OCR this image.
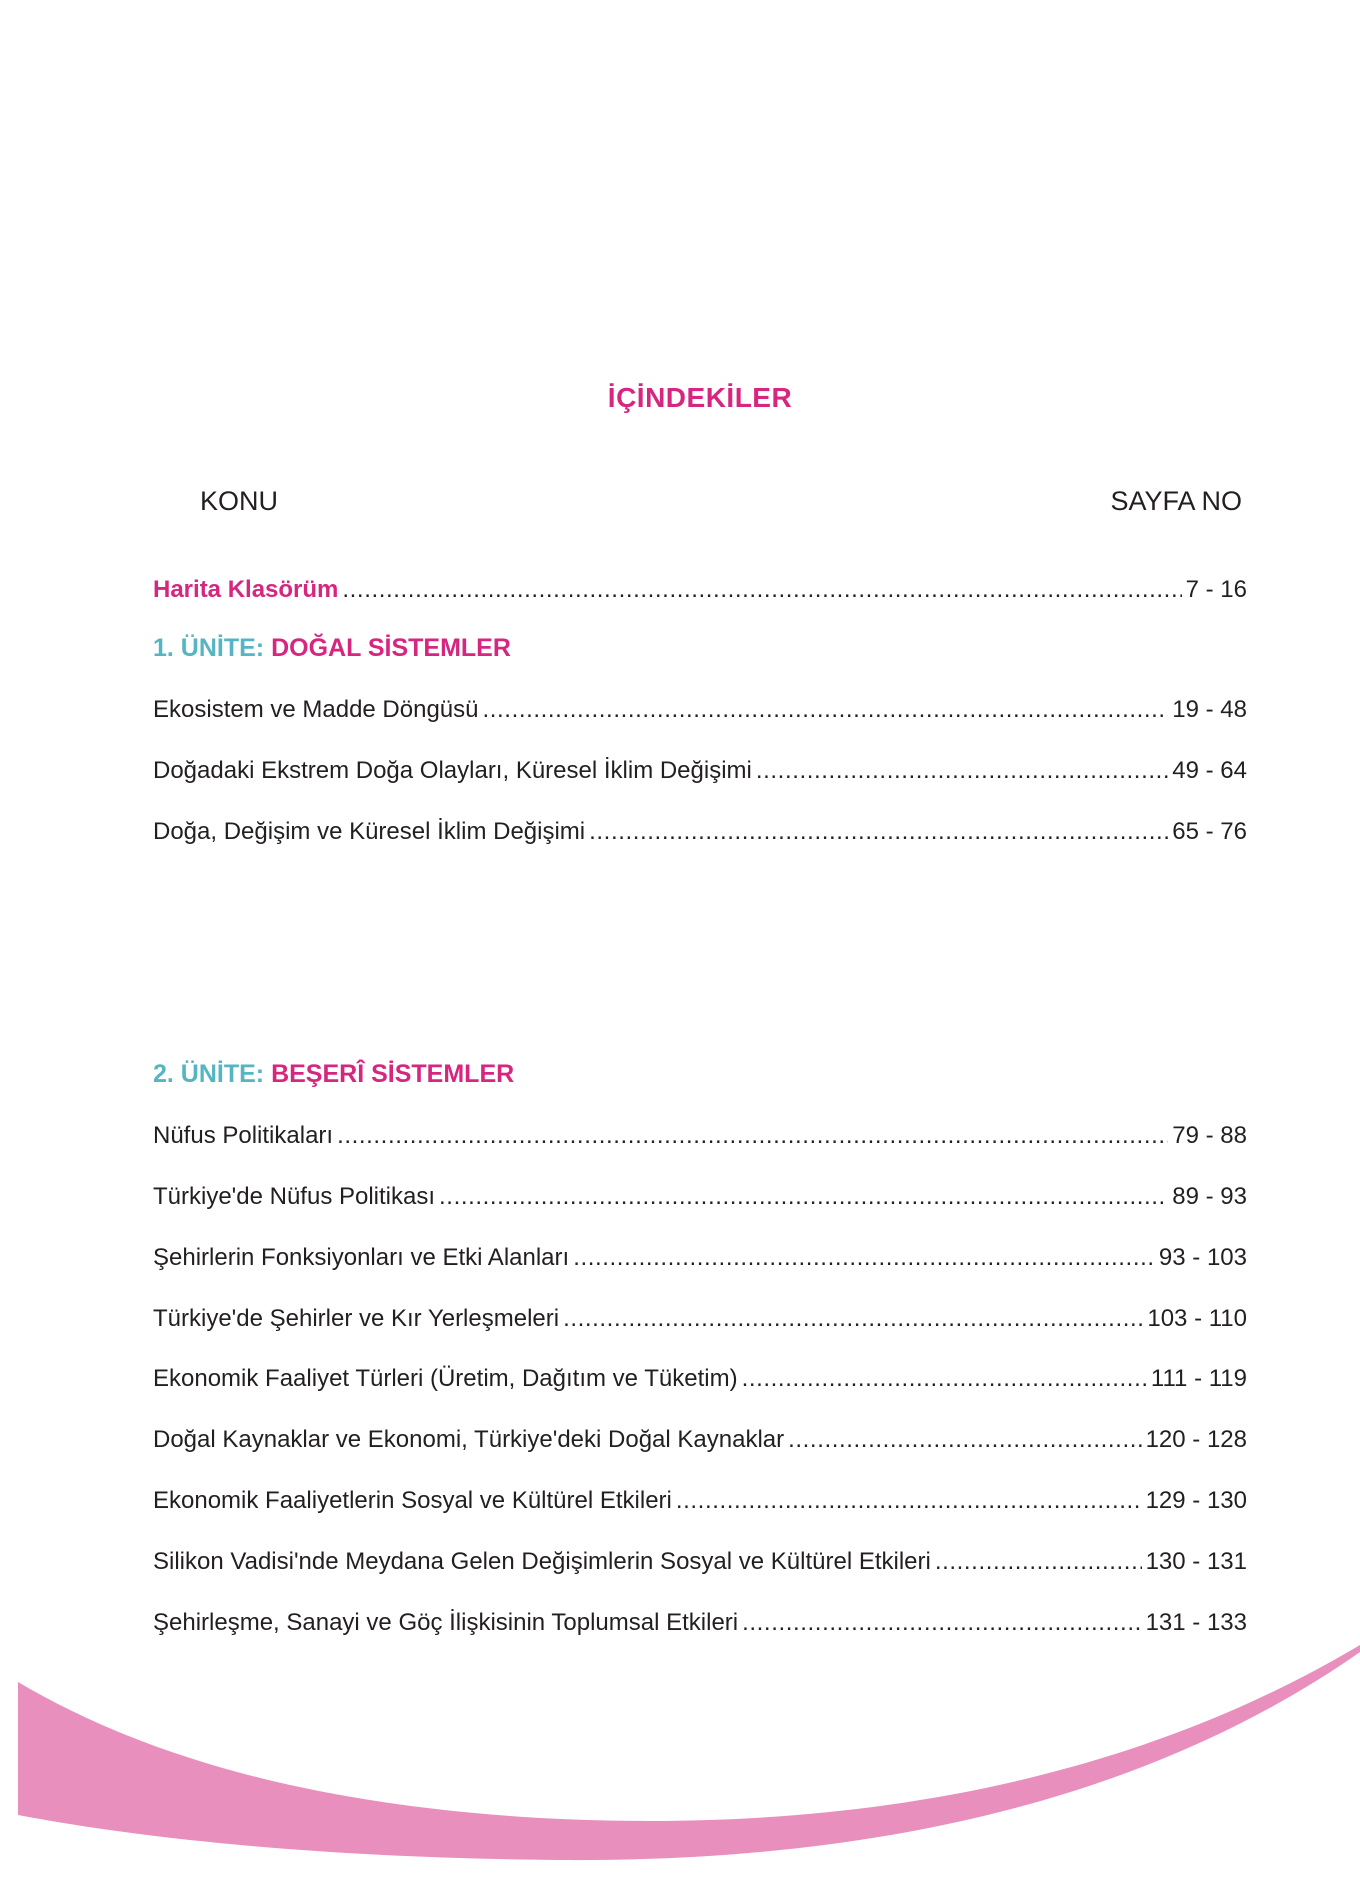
İÇİNDEKİLER
KONU	SAYFA NO
Harita Klasörüm .....	7 - 16
1. ÜNİTE: DOĞAL SİSTEMLER
Ekosistem ve Madde Döngüsü .....	19 - 48
Doğadaki Ekstrem Doğa Olayları, Küresel İklim Değişimi .....	49 - 64
Doğa, Değişim ve Küresel İklim Değişimi .....	65 - 76
2. ÜNİTE: BEŞERÎ SİSTEMLER
Nüfus Politikaları .....	79 - 88
Türkiye'de Nüfus Politikası .....	89 - 93
Şehirlerin Fonksiyonları ve Etki Alanları .....	93 - 103
Türkiye'de Şehirler ve Kır Yerleşmeleri .....	103 - 110
Ekonomik Faaliyet Türleri (Üretim, Dağıtım ve Tüketim) .....	111 - 119
Doğal Kaynaklar ve Ekonomi, Türkiye'deki Doğal Kaynaklar .....	120 - 128
Ekonomik Faaliyetlerin Sosyal ve Kültürel Etkileri .....	129 - 130
Silikon Vadisi'nde Meydana Gelen Değişimlerin Sosyal ve Kültürel Etkileri .....	130 - 131
Şehirleşme, Sanayi ve Göç İlişkisinin Toplumsal Etkileri .....	131 - 133
